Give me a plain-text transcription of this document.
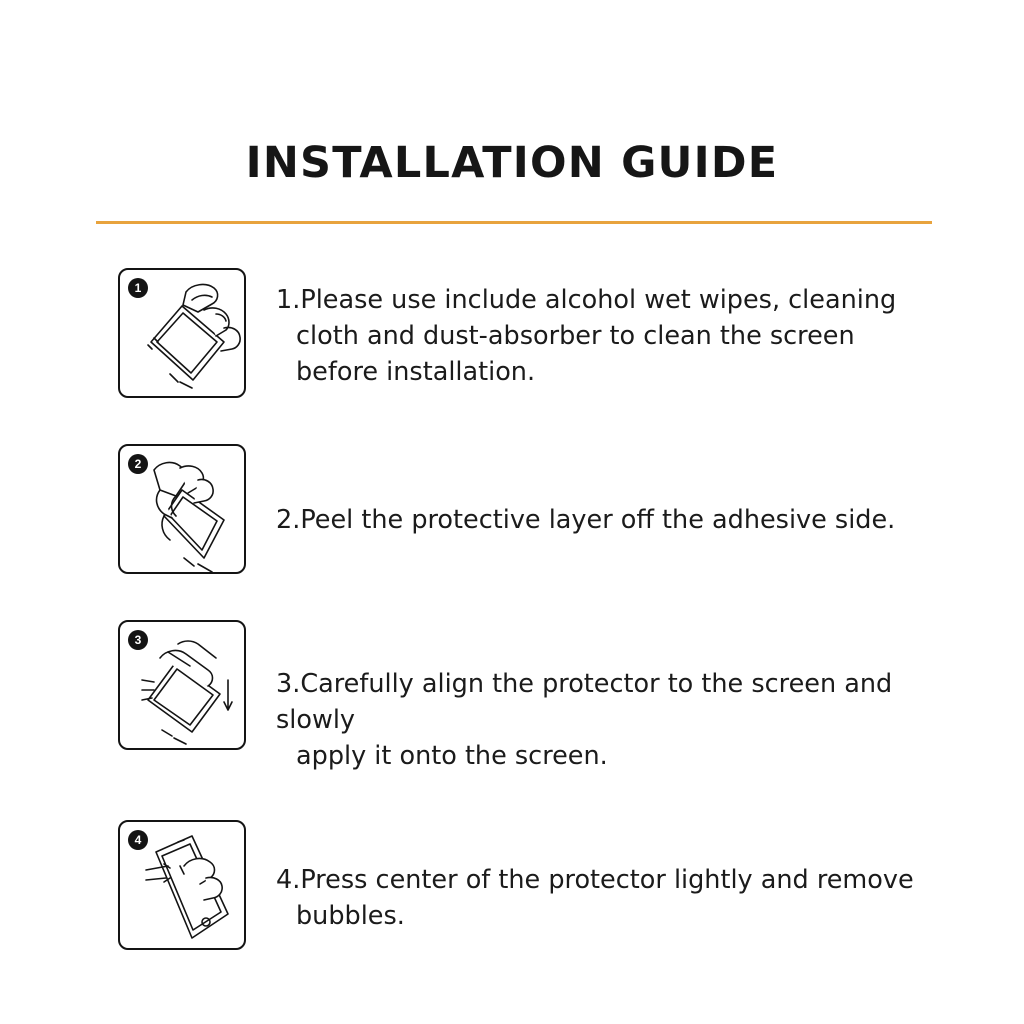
INSTALLATION GUIDE
1	1.Please use include alcohol wet wipes, cleaning
cloth and dust-absorber to clean the screen
before installation.
2
2.Peel the protective layer off the adhesive side.
3
3.Carefully align the protector to the screen and slowly
apply it onto the screen.
4
4.Press center of the protector lightly and remove
bubbles.
